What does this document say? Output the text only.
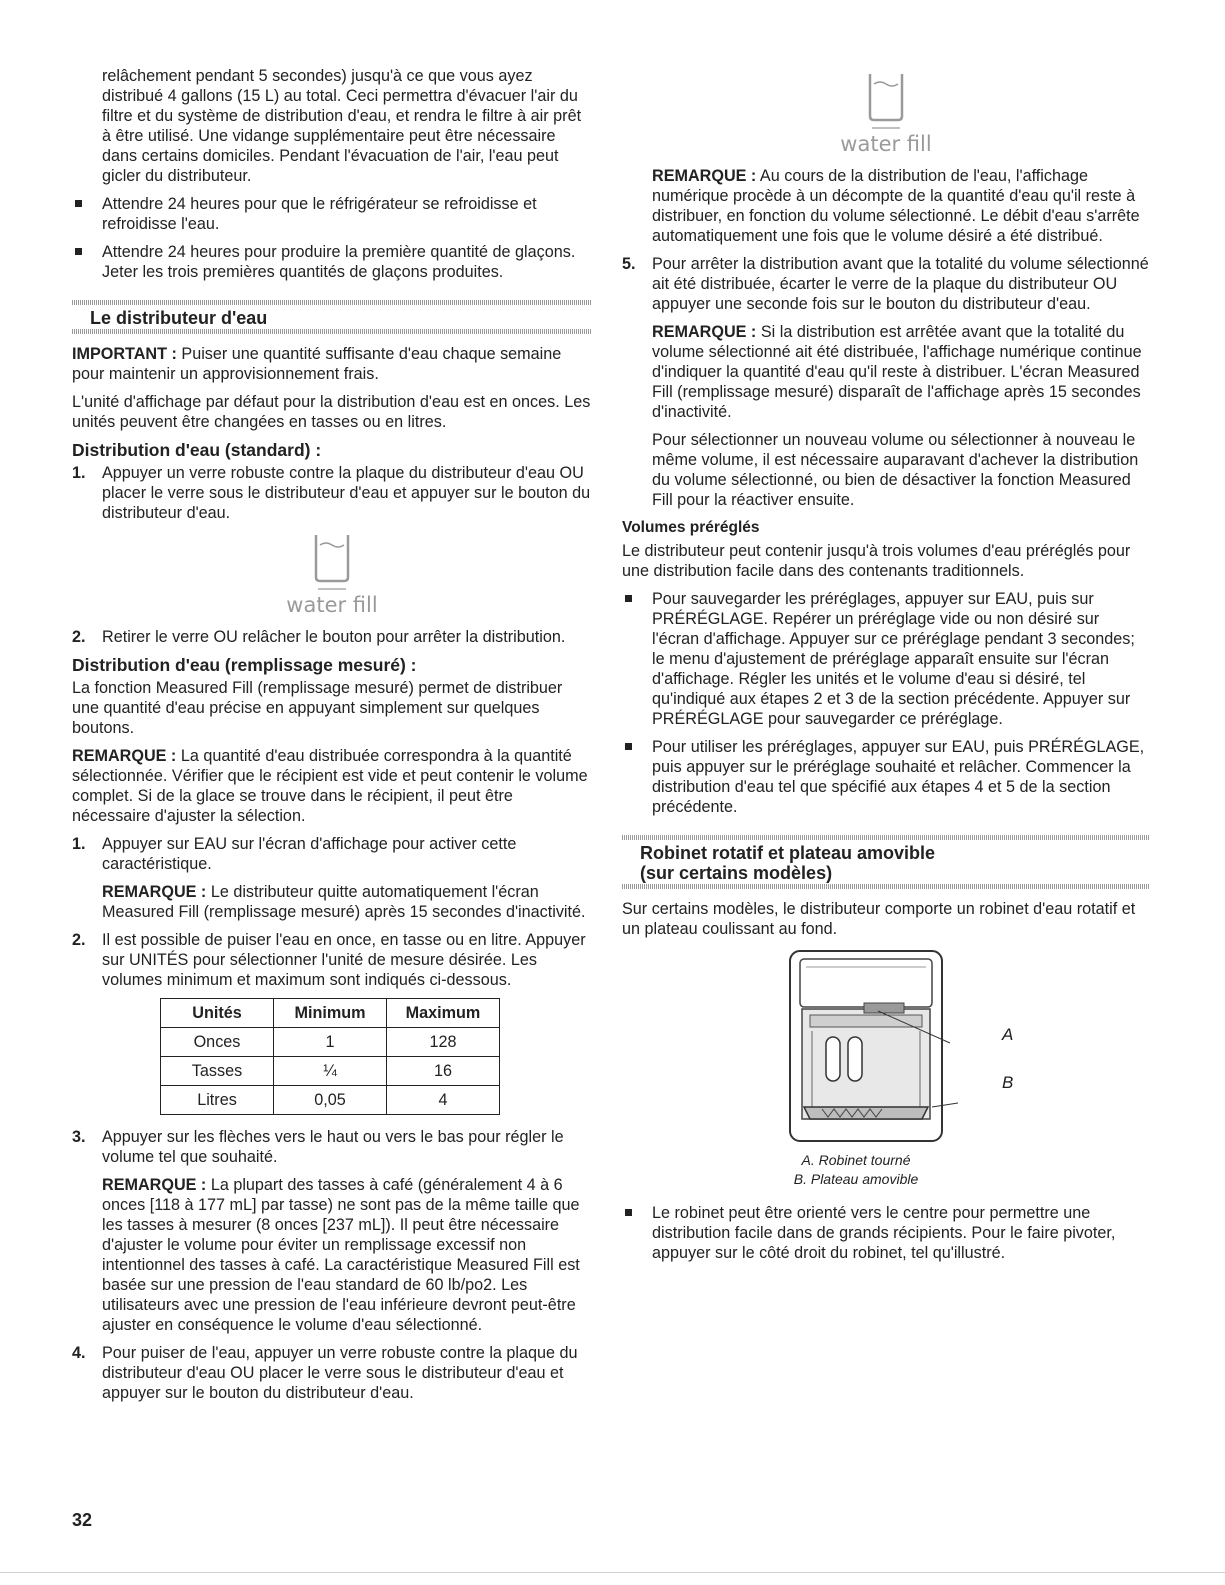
relâchement pendant 5 secondes) jusqu'à ce que vous ayez distribué 4 gallons (15 L) au total. Ceci permettra d'évacuer l'air du filtre et du système de distribution d'eau, et rendra le filtre à air prêt à être utilisé. Une vidange supplémentaire peut être nécessaire dans certains domiciles. Pendant l'évacuation de l'air, l'eau peut gicler du distributeur.

Attendre 24 heures pour que le réfrigérateur se refroidisse et refroidisse l'eau.
Attendre 24 heures pour produire la première quantité de glaçons. Jeter les trois premières quantités de glaçons produites.
Le distributeur d'eau

IMPORTANT : Puiser une quantité suffisante d'eau chaque semaine pour maintenir un approvisionnement frais.

L'unité d'affichage par défaut pour la distribution d'eau est en onces. Les unités peuvent être changées en tasses ou en litres.

Distribution d'eau (standard) :
1. Appuyer un verre robuste contre la plaque du distributeur d'eau OU placer le verre sous le distributeur d'eau et appuyer sur le bouton du distributeur d'eau.
water fill
2. Retirer le verre OU relâcher le bouton pour arrêter la distribution.
Distribution d'eau (remplissage mesuré) :

La fonction Measured Fill (remplissage mesuré) permet de distribuer une quantité d'eau précise en appuyant simplement sur quelques boutons.

REMARQUE : La quantité d'eau distribuée correspondra à la quantité sélectionnée. Vérifier que le récipient est vide et peut contenir le volume complet. Si de la glace se trouve dans le récipient, il peut être nécessaire d'ajuster la sélection.

1. Appuyer sur EAU sur l'écran d'affichage pour activer cette caractéristique.

REMARQUE : Le distributeur quitte automatiquement l'écran Measured Fill (remplissage mesuré) après 15 secondes d'inactivité.

2. Il est possible de puiser l'eau en once, en tasse ou en litre. Appuyer sur UNITÉS pour sélectionner l'unité de mesure désirée. Les volumes minimum et maximum sont indiqués ci-dessous.
Unités	Minimum	Maximum
Onces	1	128
Tasses	¼	16
Litres	0,05	4
3. Appuyer sur les flèches vers le haut ou vers le bas pour régler le volume tel que souhaité.

REMARQUE : La plupart des tasses à café (généralement 4 à 6 onces [118 à 177 mL] par tasse) ne sont pas de la même taille que les tasses à mesurer (8 onces [237 mL]). Il peut être nécessaire d'ajuster le volume pour éviter un remplissage excessif non intentionnel des tasses à café. La caractéristique Measured Fill est basée sur une pression de l'eau standard de 60 lb/po2. Les utilisateurs avec une pression de l'eau inférieure devront peut-être ajuster en conséquence le volume d'eau sélectionné.

4. Pour puiser de l'eau, appuyer un verre robuste contre la plaque du distributeur d'eau OU placer le verre sous le distributeur d'eau et appuyer sur le bouton du distributeur d'eau.
32
water fill

REMARQUE : Au cours de la distribution de l'eau, l'affichage numérique procède à un décompte de la quantité d'eau qu'il reste à distribuer, en fonction du volume sélectionné. Le débit d'eau s'arrête automatiquement une fois que le volume désiré a été distribué.

5. Pour arrêter la distribution avant que la totalité du volume sélectionné ait été distribuée, écarter le verre de la plaque du distributeur OU appuyer une seconde fois sur le bouton du distributeur d'eau.

REMARQUE : Si la distribution est arrêtée avant que la totalité du volume sélectionné ait été distribuée, l'affichage numérique continue d'indiquer la quantité d'eau qu'il reste à distribuer. L'écran Measured Fill (remplissage mesuré) disparaît de l'affichage après 15 secondes d'inactivité.

Pour sélectionner un nouveau volume ou sélectionner à nouveau le même volume, il est nécessaire auparavant d'achever la distribution du volume sélectionné, ou bien de désactiver la fonction Measured Fill pour la réactiver ensuite.

Volumes préréglés

Le distributeur peut contenir jusqu'à trois volumes d'eau préréglés pour une distribution facile dans des contenants traditionnels.

Pour sauvegarder les préréglages, appuyer sur EAU, puis sur PRÉRÉGLAGE. Repérer un préréglage vide ou non désiré sur l'écran d'affichage. Appuyer sur ce préréglage pendant 3 secondes; le menu d'ajustement de préréglage apparaît ensuite sur l'écran d'affichage. Régler les unités et le volume d'eau si désiré, tel qu'indiqué aux étapes 2 et 3 de la section précédente. Appuyer sur PRÉRÉGLAGE pour sauvegarder ce préréglage.
Pour utiliser les préréglages, appuyer sur EAU, puis PRÉRÉGLAGE, puis appuyer sur le préréglage souhaité et relâcher. Commencer la distribution d'eau tel que spécifié aux étapes 4 et 5 de la section précédente.
Robinet rotatif et plateau amovible
(sur certains modèles)

Sur certains modèles, le distributeur comporte un robinet d'eau rotatif et un plateau coulissant au fond.

A
B
A. Robinet tourné
B. Plateau amovible
Le robinet peut être orienté vers le centre pour permettre une distribution facile dans de grands récipients. Pour le faire pivoter, appuyer sur le côté droit du robinet, tel qu'illustré.
